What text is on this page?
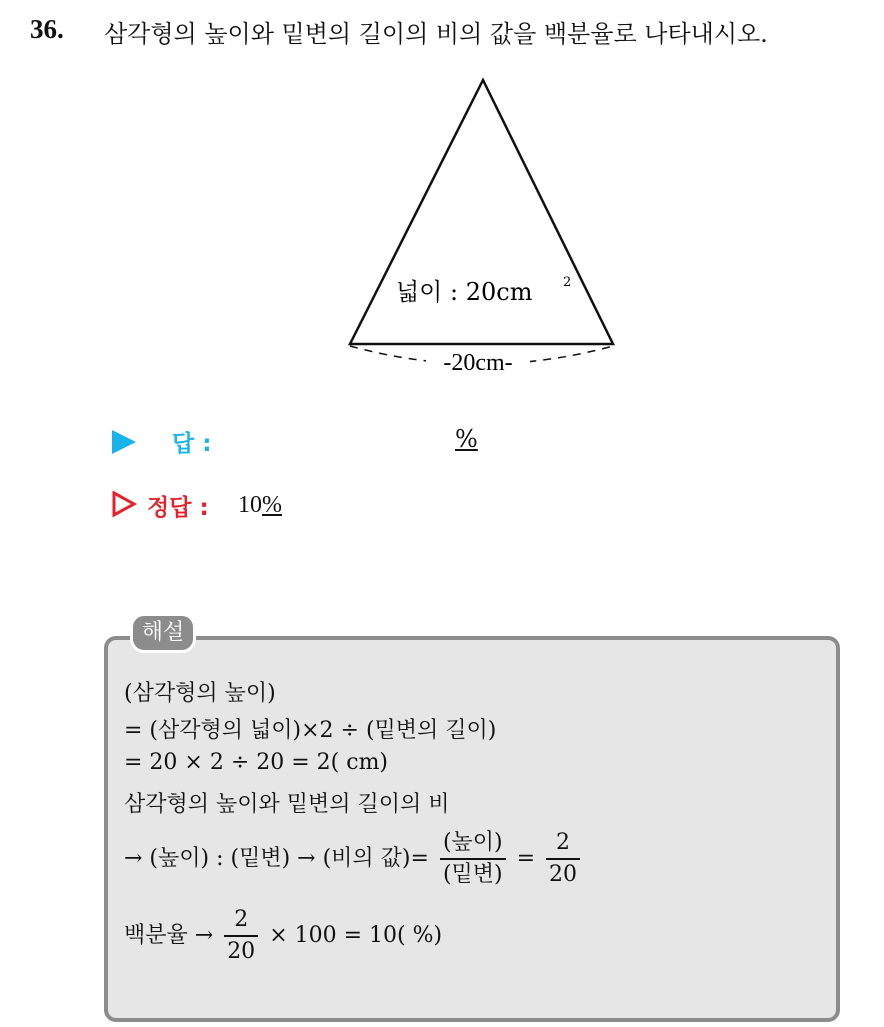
36. 삼각형의 높이와 밑변의 길이의 비의 값을 백분율로 나타내시오.
-20cm-
넓이 : 20cm 2
답 :	%
정답 : 10%
해설
(삼각형의 높이)
= (삼각형의 넓이)×2 ÷ (밑변의 길이)
= 20 × 2 ÷ 20 = 2( cm)
삼각형의 높이와 밑변의 길이의 비
→ (높이) : (밑변) → (비의 값)= $\frac{\text{(높이)}}{\text{(밑변)}} = \frac{2}{20}$
백분율 → $\frac{2}{20} \times 100 = 10$( %)
